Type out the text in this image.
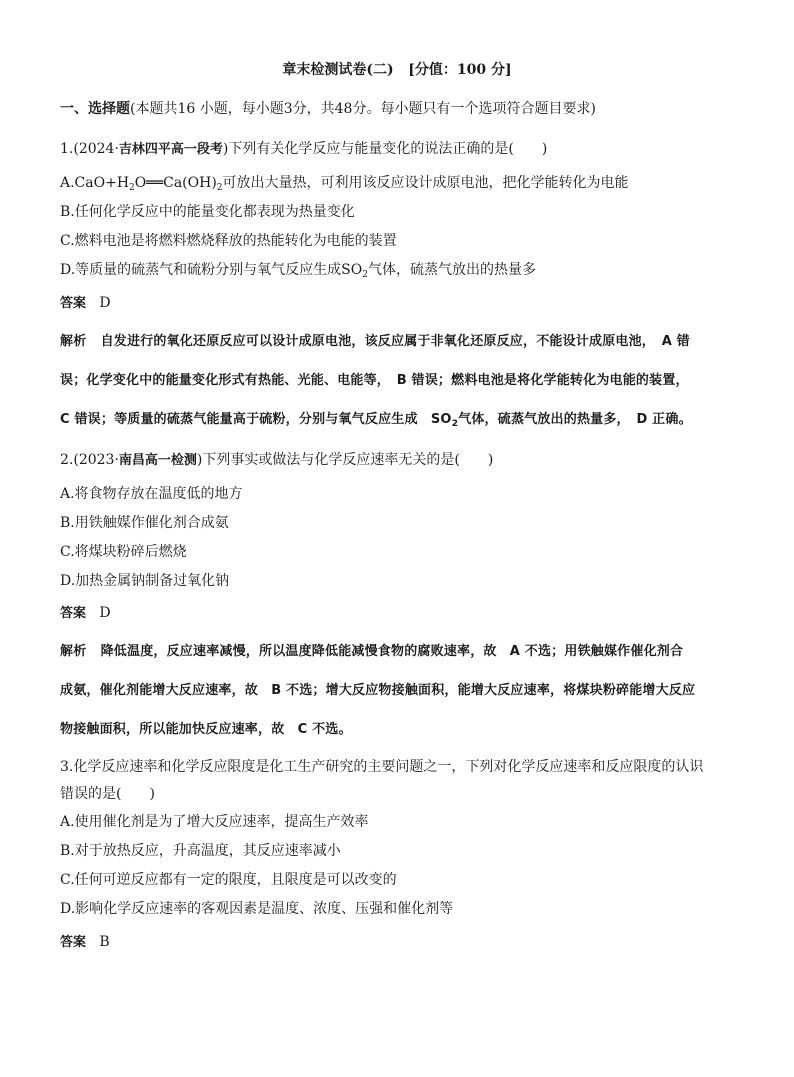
章末检测试卷(二) [分值：100 分]
一、选择题(本题共16 小题，每小题3分，共48分。每小题只有一个选项符合题目要求)
1.(2024·吉林四平高一段考)下列有关化学反应与能量变化的说法正确的是(　　)
$A.CaO+H_2O══Ca(OH)_2$可放出大量热，可利用该反应设计成原电池，把化学能转化为电能
B.任何化学反应中的能量变化都表现为热量变化
C.燃料电池是将燃料燃烧释放的热能转化为电能的装置
D.等质量的硫蒸气和硫粉分别与氧气反应生成$SO_2$气体，硫蒸气放出的热量多
答案 D
解析 自发进行的氧化还原反应可以设计成原电池，该反应属于非氧化还原反应，不能设计成原电池，　A 错
误；化学变化中的能量变化形式有热能、光能、电能等，　B 错误；燃料电池是将化学能转化为电能的装置，
C 错误；等质量的硫蒸气能量高于硫粉，分别与氧气反应生成　$SO_2$气体，硫蒸气放出的热量多，　D 正确。
2.(2023·南昌高一检测)下列事实或做法与化学反应速率无关的是(　　)
A.将食物存放在温度低的地方
B.用铁触媒作催化剂合成氨
C.将煤块粉碎后燃烧
D.加热金属钠制备过氧化钠
答案 D
解析 降低温度，反应速率减慢，所以温度降低能减慢食物的腐败速率，故　A 不选；用铁触媒作催化剂合
成氨，催化剂能增大反应速率，故　B 不选；增大反应物接触面积，能增大反应速率，将煤块粉碎能增大反应
物接触面积，所以能加快反应速率，故　C 不选。
3.化学反应速率和化学反应限度是化工生产研究的主要问题之一，下列对化学反应速率和反应限度的认识
错误的是(　　)
A.使用催化剂是为了增大反应速率，提高生产效率
B.对于放热反应，升高温度，其反应速率减小
C.任何可逆反应都有一定的限度，且限度是可以改变的
D.影响化学反应速率的客观因素是温度、浓度、压强和催化剂等
答案 B
